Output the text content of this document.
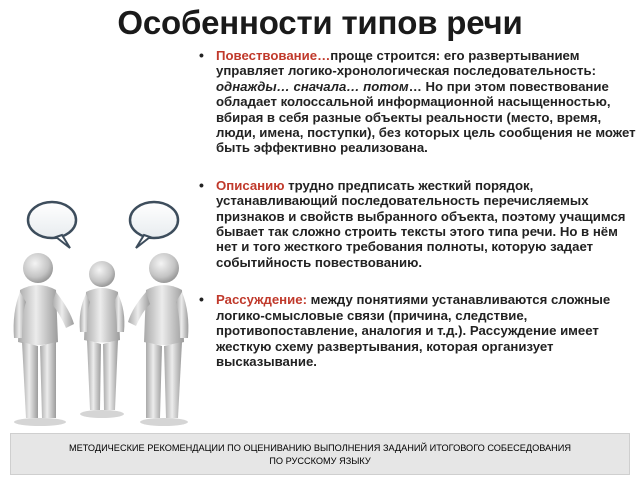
Особенности типов речи

• Повествование…проще строится: его развертыванием управляет логико-хронологическая последовательность: однажды… сначала… потом… Но при этом повествование обладает колоссальной информационной насыщенностью, вбирая в себя разные объекты реальности (место, время, люди, имена, поступки), без которых цель сообщения не может быть эффективно реализована.

• Описанию трудно предписать жесткий порядок, устанавливающий последовательность перечисляемых признаков и свойств выбранного объекта, поэтому учащимся бывает так сложно строить тексты этого типа речи. Но в нём нет и того жесткого требования полноты, которую задает событийность повествованию.

• Рассуждение: между понятиями устанавливаются сложные логико-смысловые связи (причина, следствие, противопоставление, аналогия и т.д.). Рассуждение имеет жесткую схему развертывания, которая организует высказывание.

МЕТОДИЧЕСКИЕ РЕКОМЕНДАЦИИ ПО ОЦЕНИВАНИЮ ВЫПОЛНЕНИЯ ЗАДАНИЙ ИТОГОВОГО СОБЕСЕДОВАНИЯ
ПО РУССКОМУ ЯЗЫКУ
